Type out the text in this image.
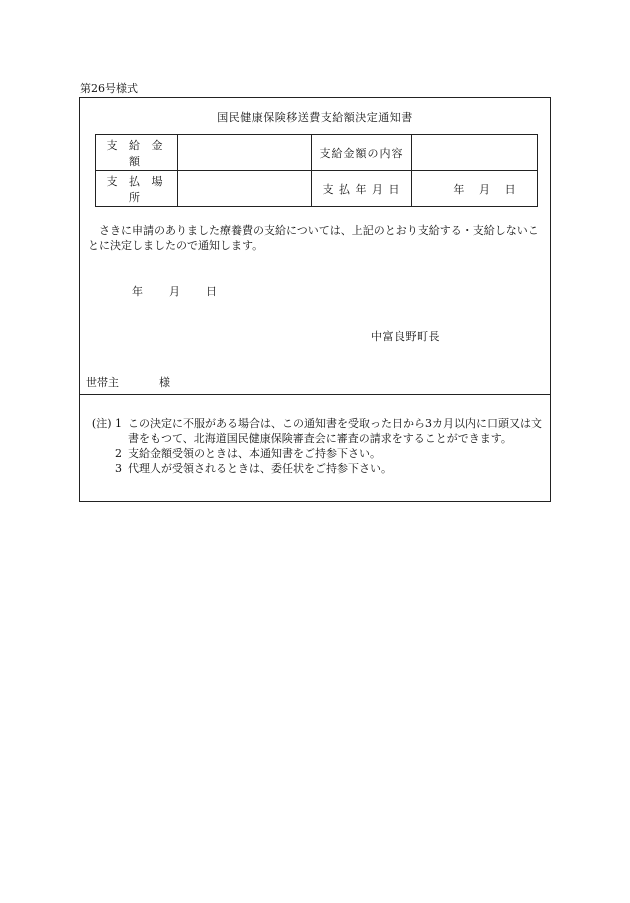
第26号様式
国民健康保険移送費支給額決定通知書
支 給 金 額		支給金額の内容	
支 払 場 所		支 払 年 月 日	年 月 日
さきに申請のありました療養費の支給については、上記のとおり支給する・支給しないことに決定しましたので通知します。
年 月 日
中富良野町長
世帯主	様
(注) 1 この決定に不服がある場合は、この通知書を受取った日から3カ月以内に口頭又は文書をもつて、北海道国民健康保険審査会に審査の請求をすることができます。
2 支給金額受領のときは、本通知書をご持参下さい。
3 代理人が受領されるときは、委任状をご持参下さい。
